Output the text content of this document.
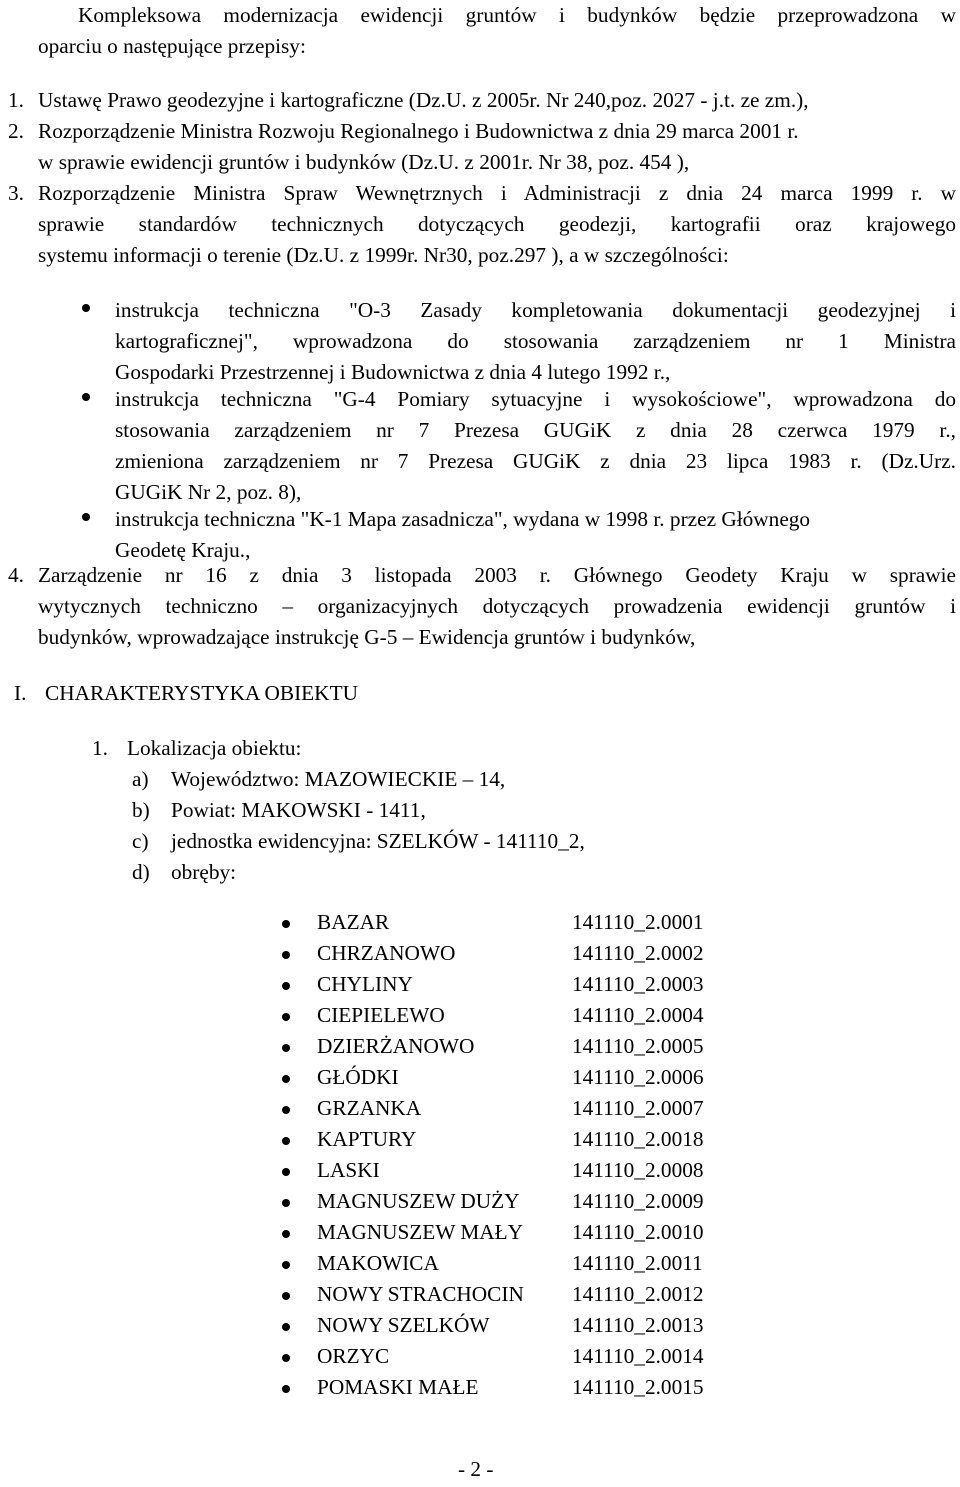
Kompleksowa modernizacja ewidencji gruntów i budynków będzie przeprowadzona w
oparciu o następujące przepisy:
1. Ustawę Prawo geodezyjne i kartograficzne (Dz.U. z 2005r. Nr 240,poz. 2027 - j.t. ze zm.),
2. Rozporządzenie Ministra Rozwoju Regionalnego i Budownictwa z dnia 29 marca 2001 r.
w sprawie ewidencji gruntów i budynków (Dz.U. z 2001r. Nr 38, poz. 454 ),
3. Rozporządzenie Ministra Spraw Wewnętrznych i Administracji z dnia 24 marca 1999 r. w
sprawie standardów technicznych dotyczących geodezji, kartografii oraz krajowego
systemu informacji o terenie (Dz.U. z 1999r. Nr30, poz.297 ), a w szczególności:
instrukcja techniczna "O-3 Zasady kompletowania dokumentacji geodezyjnej i
kartograficznej", wprowadzona do stosowania zarządzeniem nr 1 Ministra
Gospodarki Przestrzennej i Budownictwa z dnia 4 lutego 1992 r.,
instrukcja techniczna "G-4 Pomiary sytuacyjne i wysokościowe", wprowadzona do
stosowania zarządzeniem nr 7 Prezesa GUGiK z dnia 28 czerwca 1979 r.,
zmieniona zarządzeniem nr 7 Prezesa GUGiK z dnia 23 lipca 1983 r. (Dz.Urz.
GUGiK Nr 2, poz. 8),
instrukcja techniczna "K-1 Mapa zasadnicza", wydana w 1998 r. przez Głównego
Geodetę Kraju.,
4. Zarządzenie nr 16 z dnia 3 listopada 2003 r. Głównego Geodety Kraju w sprawie
wytycznych techniczno – organizacyjnych dotyczących prowadzenia ewidencji gruntów i
budynków, wprowadzające instrukcję G-5 – Ewidencja gruntów i budynków,
I. CHARAKTERYSTYKA OBIEKTU
1. Lokalizacja obiektu:
a) Województwo: MAZOWIECKIE – 14,
b) Powiat: MAKOWSKI - 1411,
c) jednostka ewidencyjna: SZELKÓW - 141110_2,
d) obręby:
BAZAR	141110_2.0001
CHRZANOWO	141110_2.0002
CHYLINY	141110_2.0003
CIEPIELEWO	141110_2.0004
DZIERŻANOWO	141110_2.0005
GŁÓDKI	141110_2.0006
GRZANKA	141110_2.0007
KAPTURY	141110_2.0018
LASKI	141110_2.0008
MAGNUSZEW DUŻY 141110_2.0009
MAGNUSZEW MAŁY 141110_2.0010
MAKOWICA	141110_2.0011
NOWY STRACHOCIN 141110_2.0012
NOWY SZELKÓW	141110_2.0013
ORZYC	141110_2.0014
POMASKI MAŁE	141110_2.0015
- 2 -
